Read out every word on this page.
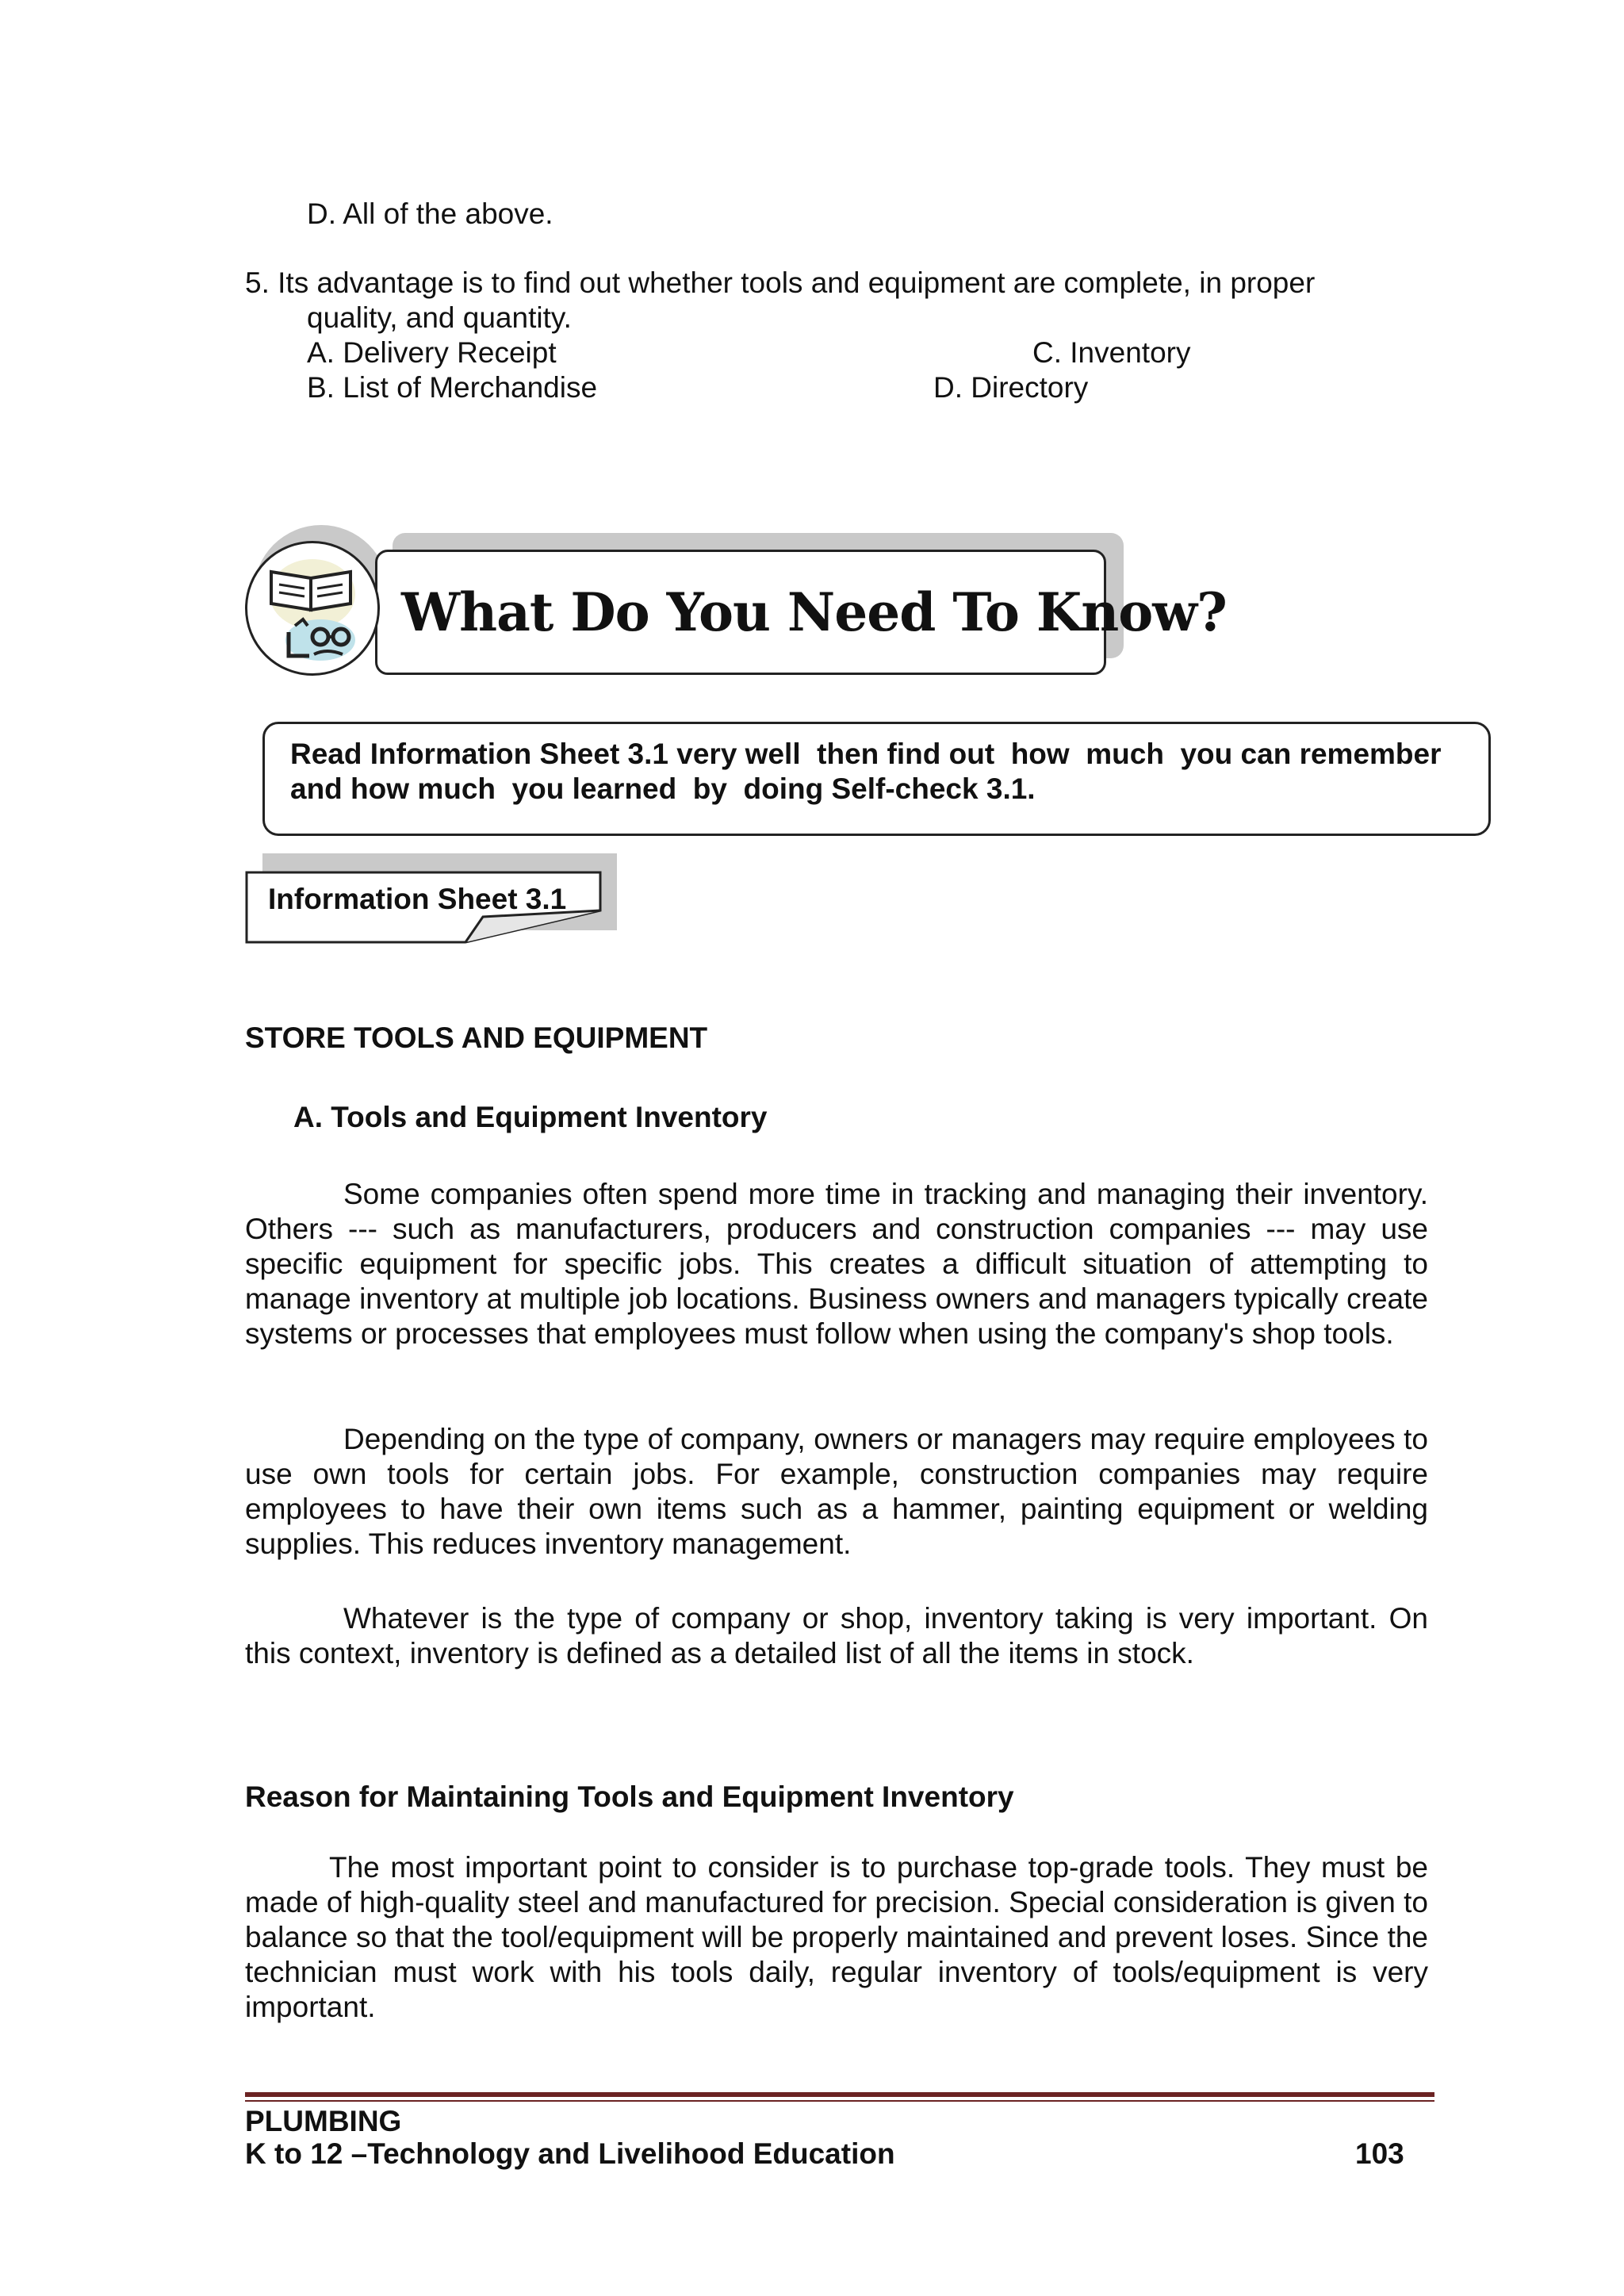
D. All of the above.
5. Its advantage is to find out whether tools and equipment are complete, in proper
quality, and quantity.
A. Delivery Receipt	C. Inventory
B. List of Merchandise	D. Directory
What Do You Need To Know?
Read Information Sheet 3.1 very well  then find out  how  much  you can remember
and how much  you learned  by  doing Self-check 3.1.
Information Sheet 3.1
STORE TOOLS AND EQUIPMENT
A. Tools and Equipment Inventory

Some companies often spend more time in tracking and managing their inventory. Others --- such as manufacturers, producers and construction companies --- may use specific equipment for specific jobs. This creates a difficult situation of attempting to manage inventory at multiple job locations. Business owners and managers typically create systems or processes that employees must follow when using the company's shop tools.

Depending on the type of company, owners or managers may require employees to use own tools for certain jobs. For example, construction companies may require employees to have their own items such as a hammer, painting equipment or welding supplies. This reduces inventory management.

Whatever is the type of company or shop, inventory taking is very important. On this context, inventory is defined as a detailed list of all the items in stock.

Reason for Maintaining Tools and Equipment Inventory

The most important point to consider is to purchase top-grade tools. They must be made of high-quality steel and manufactured for precision. Special consideration is given to balance so that the tool/equipment will be properly maintained and prevent loses. Since the technician must work with his tools daily, regular inventory of tools/equipment is very important.

PLUMBING
K to 12 –Technology and Livelihood Education	103
